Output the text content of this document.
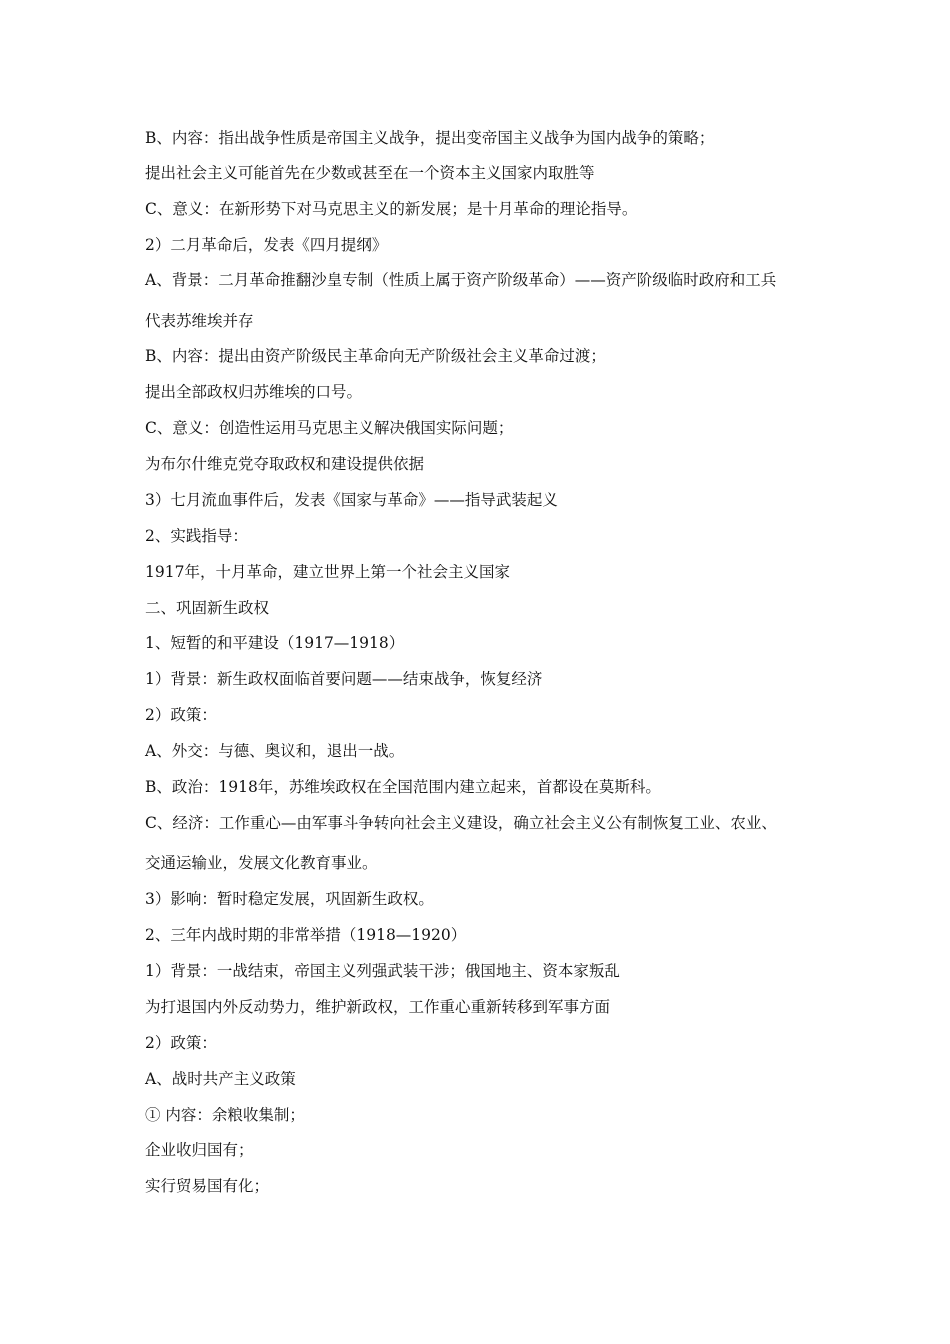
B、内容：指出战争性质是帝国主义战争，提出变帝国主义战争为国内战争的策略；
提出社会主义可能首先在少数或甚至在一个资本主义国家内取胜等
C、意义：在新形势下对马克思主义的新发展；是十月革命的理论指导。
2）二月革命后，发表《四月提纲》
A、背景：二月革命推翻沙皇专制（性质上属于资产阶级革命）——资产阶级临时政府和工兵
代表苏维埃并存
B、内容：提出由资产阶级民主革命向无产阶级社会主义革命过渡；
提出全部政权归苏维埃的口号。
C、意义：创造性运用马克思主义解决俄国实际问题；
为布尔什维克党夺取政权和建设提供依据
3）七月流血事件后，发表《国家与革命》——指导武装起义
2、实践指导：
1917年，十月革命，建立世界上第一个社会主义国家
二、巩固新生政权
1、短暂的和平建设（1917—1918）
1）背景：新生政权面临首要问题——结束战争，恢复经济
2）政策：
A、外交：与德、奥议和，退出一战。
B、政治：1918年，苏维埃政权在全国范围内建立起来，首都设在莫斯科。
C、经济：工作重心—由军事斗争转向社会主义建设，确立社会主义公有制恢复工业、农业、
交通运输业，发展文化教育事业。
3）影响：暂时稳定发展，巩固新生政权。
2、三年内战时期的非常举措（1918—1920）
1）背景：一战结束，帝国主义列强武装干涉；俄国地主、资本家叛乱
为打退国内外反动势力，维护新政权，工作重心重新转移到军事方面
2）政策：
A、战时共产主义政策
① 内容：余粮收集制；
企业收归国有；
实行贸易国有化；
